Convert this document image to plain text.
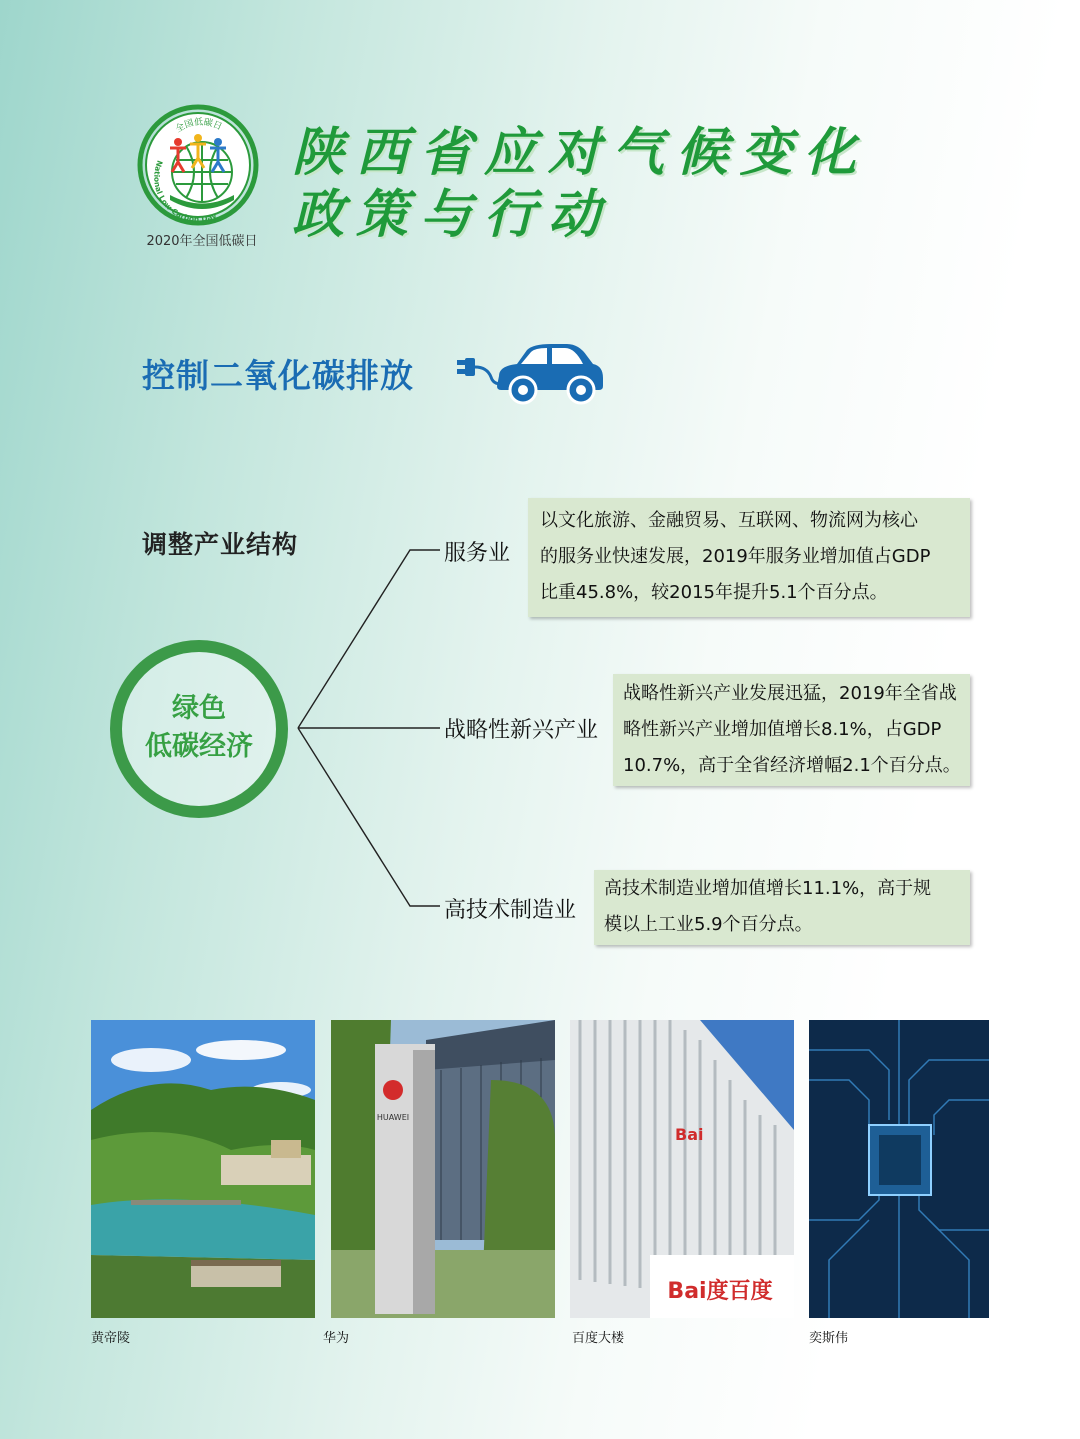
全国低碳日
National Low Carbon Day
2020年全国低碳日
陕西省应对气候变化
政策与行动
控制二氧化碳排放
调整产业结构
绿色
低碳经济
服务业
战略性新兴产业
高技术制造业
以文化旅游、金融贸易、互联网、物流网为核心
的服务业快速发展，2019年服务业增加值占GDP
比重45.8%，较2015年提升5.1个百分点。
战略性新兴产业发展迅猛，2019年全省战
略性新兴产业增加值增长8.1%，占GDP
10.7%，高于全省经济增幅2.1个百分点。
高技术制造业增加值增长11.1%，高于规
模以上工业5.9个百分点。
HUAWEI
Bai
Bai度百度
黄帝陵	华为	百度大楼	奕斯伟
